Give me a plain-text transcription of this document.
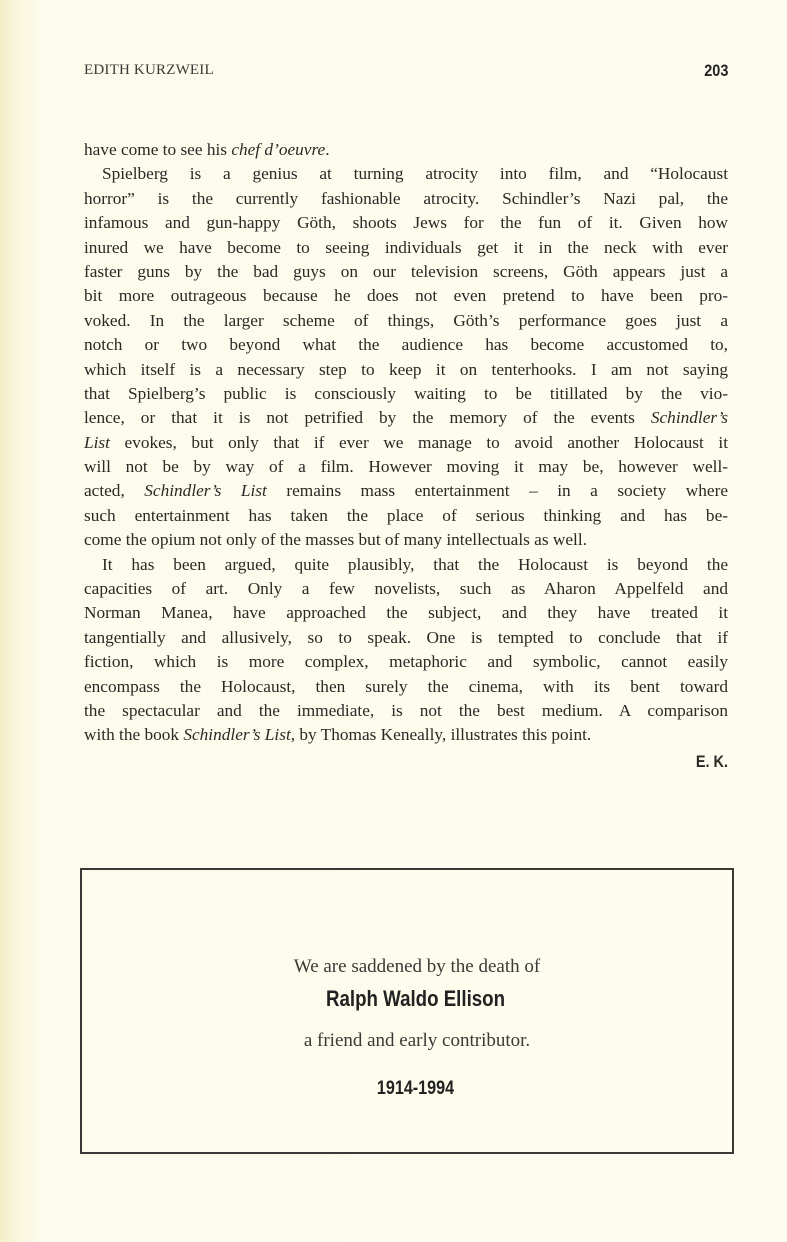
EDITH KURZWEIL	203
have come to see his chef d’oeuvre.
Spielberg is a genius at turning atrocity into film, and “Holocaust
horror” is the currently fashionable atrocity. Schindler’s Nazi pal, the
infamous and gun-happy Göth, shoots Jews for the fun of it. Given how
inured we have become to seeing individuals get it in the neck with ever
faster guns by the bad guys on our television screens, Göth appears just a
bit more outrageous because he does not even pretend to have been pro-
voked. In the larger scheme of things, Göth’s performance goes just a
notch or two beyond what the audience has become accustomed to,
which itself is a necessary step to keep it on tenterhooks. I am not saying
that Spielberg’s public is consciously waiting to be titillated by the vio-
lence, or that it is not petrified by the memory of the events Schindler’s
List evokes, but only that if ever we manage to avoid another Holocaust it
will not be by way of a film. However moving it may be, however well-
acted, Schindler’s List remains mass entertainment – in a society where
such entertainment has taken the place of serious thinking and has be-
come the opium not only of the masses but of many intellectuals as well.
It has been argued, quite plausibly, that the Holocaust is beyond the
capacities of art. Only a few novelists, such as Aharon Appelfeld and
Norman Manea, have approached the subject, and they have treated it
tangentially and allusively, so to speak. One is tempted to conclude that if
fiction, which is more complex, metaphoric and symbolic, cannot easily
encompass the Holocaust, then surely the cinema, with its bent toward
the spectacular and the immediate, is not the best medium. A comparison
with the book Schindler’s List, by Thomas Keneally, illustrates this point.
E. K.
We are saddened by the death of
Ralph Waldo Ellison
a friend and early contributor.
1914-1994
